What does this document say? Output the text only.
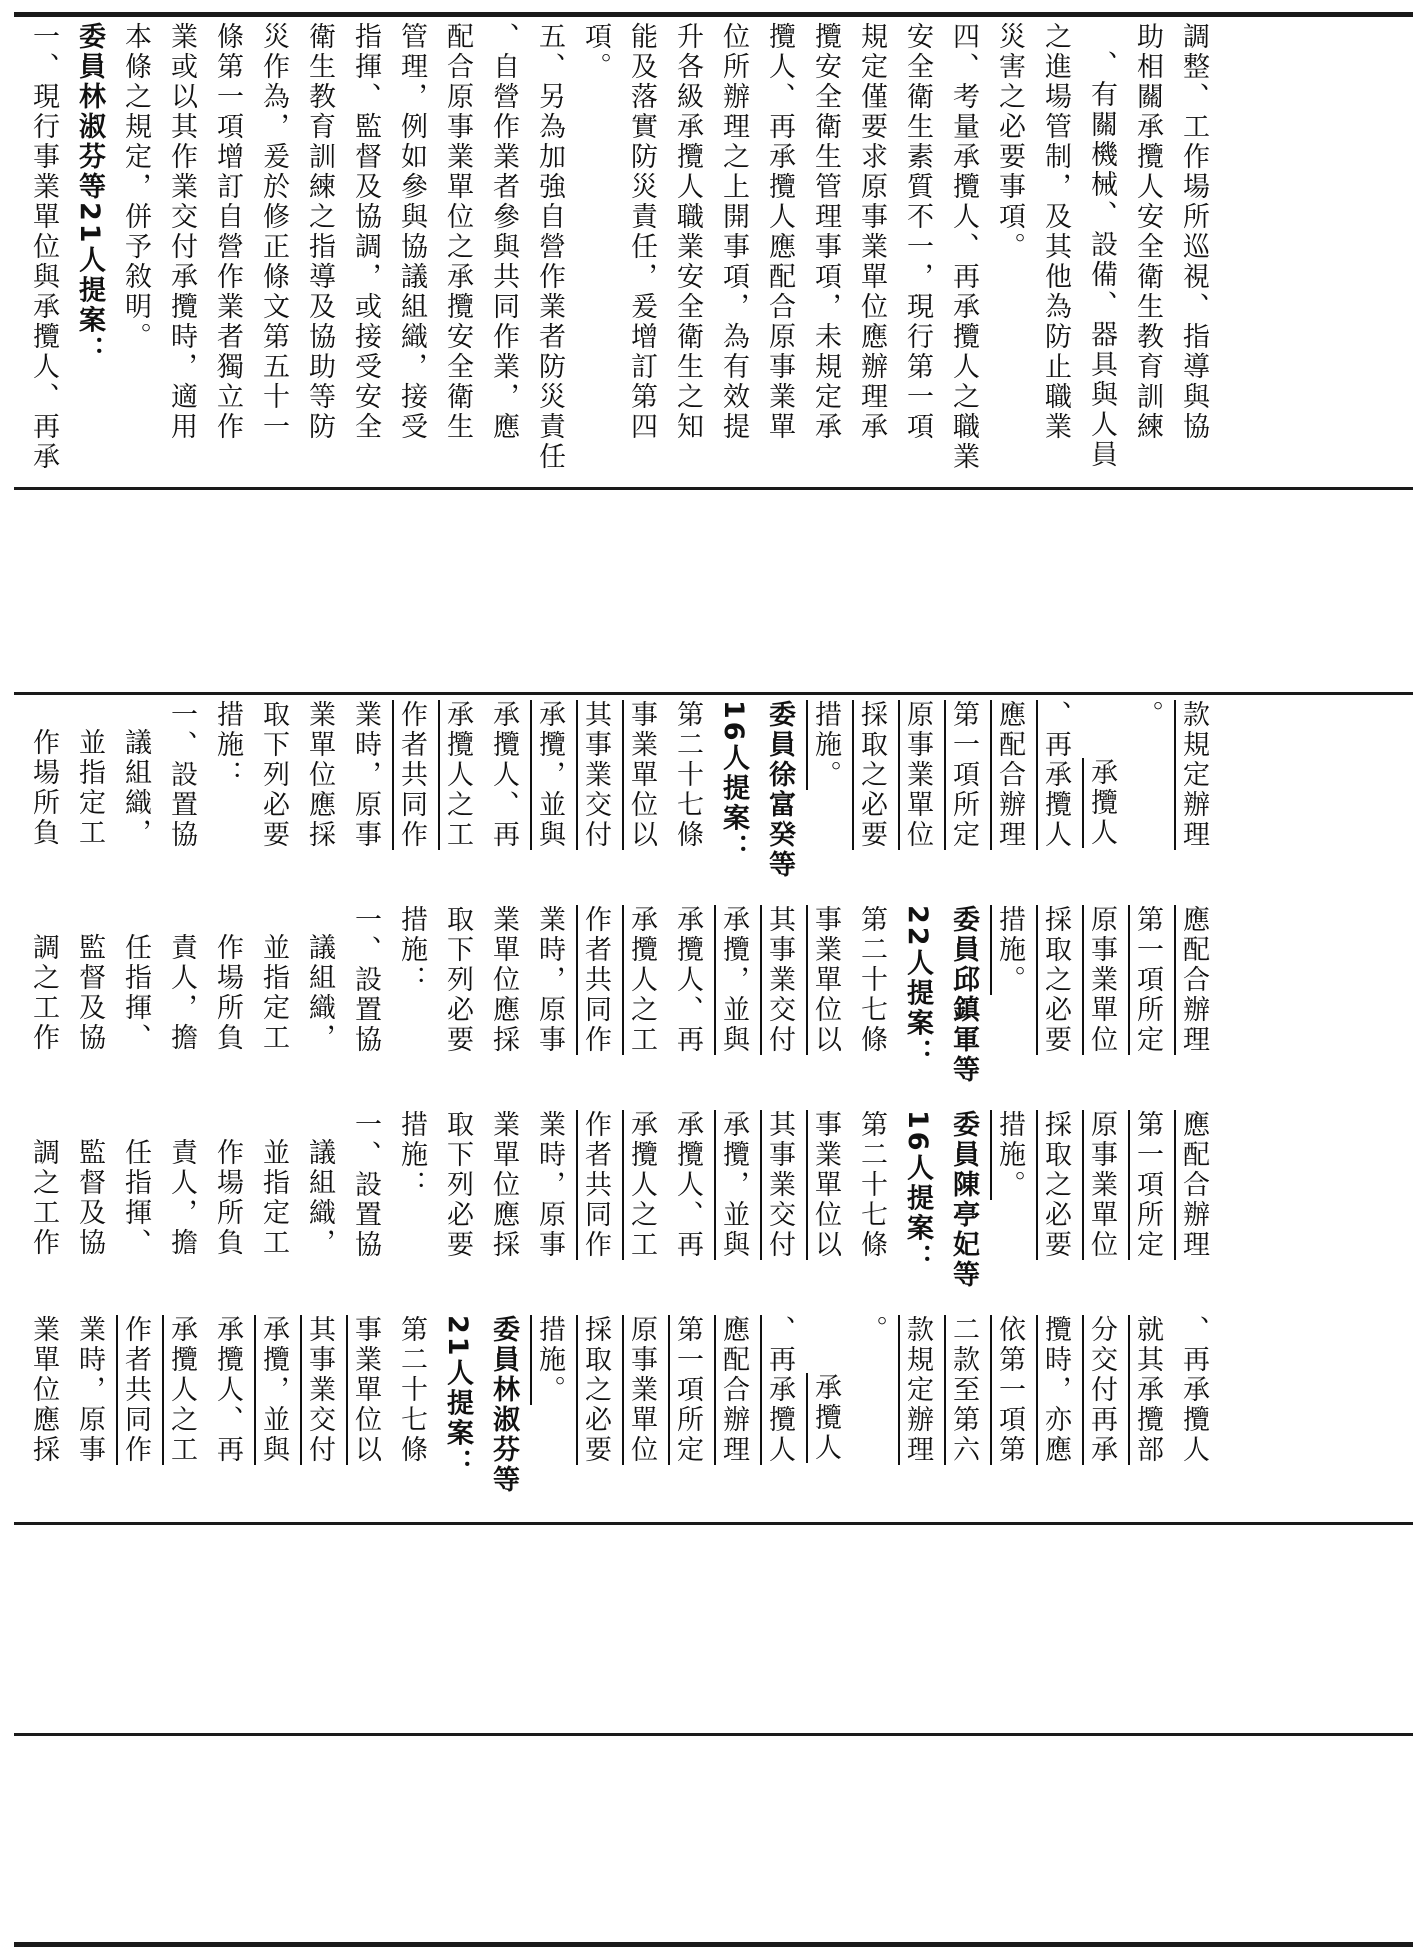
調整、工作場所巡視、指導與協
助相關承攬人安全衛生教育訓練
、有關機械、設備、器具與人員
之進場管制，及其他為防止職業
災害之必要事項。
四、考量承攬人、再承攬人之職業
安全衛生素質不一，現行第一項
規定僅要求原事業單位應辦理承
攬安全衛生管理事項，未規定承
攬人、再承攬人應配合原事業單
位所辦理之上開事項，為有效提
升各級承攬人職業安全衛生之知
能及落實防災責任，爰增訂第四
項。
五、另為加強自營作業者防災責任
、自營作業者參與共同作業，應
配合原事業單位之承攬安全衛生
管理，例如參與協議組織，接受
指揮、監督及協調，或接受安全
衛生教育訓練之指導及協助等防
災作為，爰於修正條文第五十一
條第一項增訂自營作業者獨立作
業或以其作業交付承攬時，適用
本條之規定，併予敘明。
委員林淑芬等21人提案：
一、現行事業單位與承攬人、再承
款規定辦理
。
承攬人
、再承攬人
應配合辦理
第一項所定
原事業單位
採取之必要
措施。
委員徐富癸等
16人提案：
第二十七條
事業單位以
其事業交付
承攬，並與
承攬人、再
承攬人之工
作者共同作
業時，原事
業單位應採
取下列必要
措施：
一、設置協
議組織，
並指定工
作場所負
應配合辦理
第一項所定
原事業單位
採取之必要
措施。
委員邱鎮軍等
22人提案：
第二十七條
事業單位以
其事業交付
承攬，並與
承攬人、再
承攬人之工
作者共同作
業時，原事
業單位應採
取下列必要
措施：
一、設置協
議組織，
並指定工
作場所負
責人，擔
任指揮、
監督及協
調之工作
應配合辦理
第一項所定
原事業單位
採取之必要
措施。
委員陳亭妃等
16人提案：
第二十七條
事業單位以
其事業交付
承攬，並與
承攬人、再
承攬人之工
作者共同作
業時，原事
業單位應採
取下列必要
措施：
一、設置協
議組織，
並指定工
作場所負
責人，擔
任指揮、
監督及協
調之工作
、再承攬人
就其承攬部
分交付再承
攬時，亦應
依第一項第
二款至第六
款規定辦理
。
承攬人
、再承攬人
應配合辦理
第一項所定
原事業單位
採取之必要
措施。
委員林淑芬等
21人提案：
第二十七條
事業單位以
其事業交付
承攬，並與
承攬人、再
承攬人之工
作者共同作
業時，原事
業單位應採
